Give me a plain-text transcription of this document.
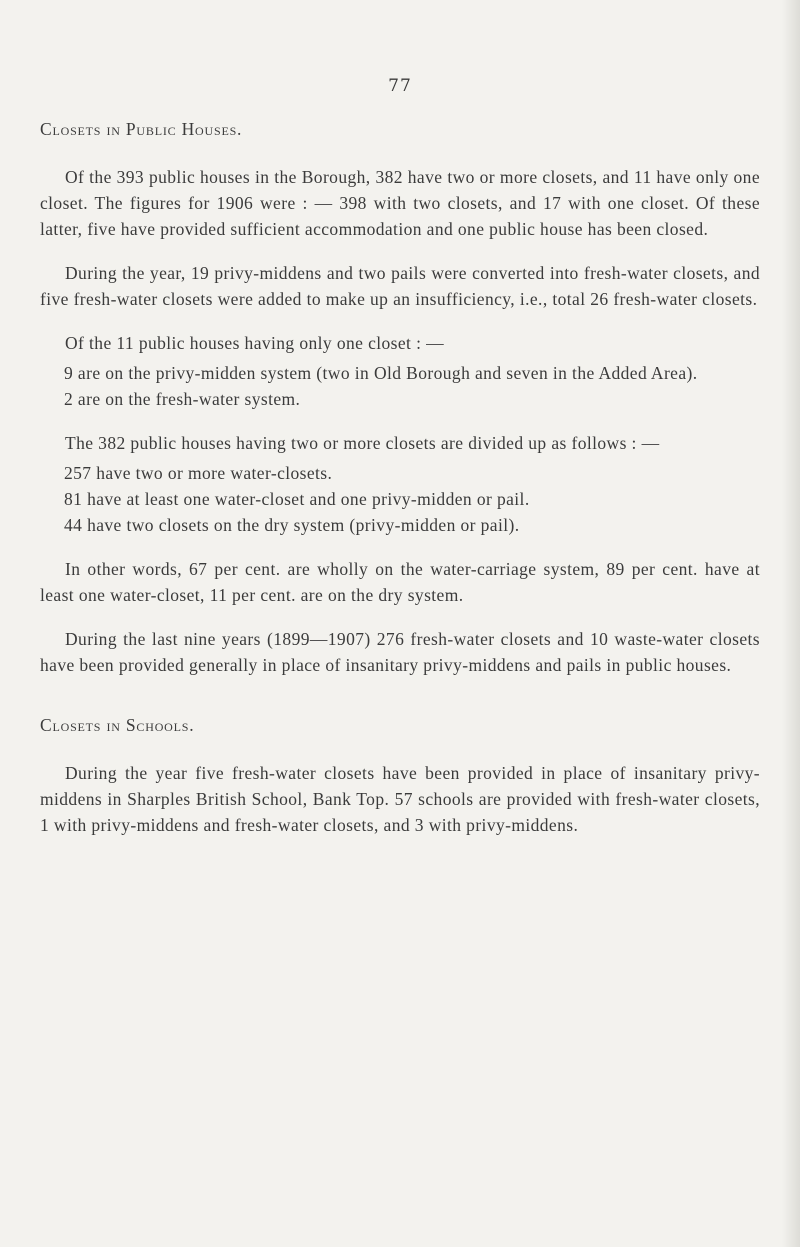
77
Closets in Public Houses.

Of the 393 public houses in the Borough, 382 have two or more closets, and 11 have only one closet. The figures for 1906 were : — 398 with two closets, and 17 with one closet. Of these latter, five have provided sufficient accommodation and one public house has been closed.

During the year, 19 privy-middens and two pails were converted into fresh-water closets, and five fresh-water closets were added to make up an insufficiency, i.e., total 26 fresh-water closets.

Of the 11 public houses having only one closet : —

9 are on the privy-midden system (two in Old Borough and seven in the Added Area).
2 are on the fresh-water system.

The 382 public houses having two or more closets are divided up as follows : —

257 have two or more water-closets.
81 have at least one water-closet and one privy-midden or pail.
44 have two closets on the dry system (privy-midden or pail).

In other words, 67 per cent. are wholly on the water-carriage system, 89 per cent. have at least one water-closet, 11 per cent. are on the dry system.

During the last nine years (1899—1907) 276 fresh-water closets and 10 waste-water closets have been provided generally in place of insanitary privy-middens and pails in public houses.

Closets in Schools.

During the year five fresh-water closets have been provided in place of insanitary privy-middens in Sharples British School, Bank Top. 57 schools are provided with fresh-water closets, 1 with privy-middens and fresh-water closets, and 3 with privy-middens.
